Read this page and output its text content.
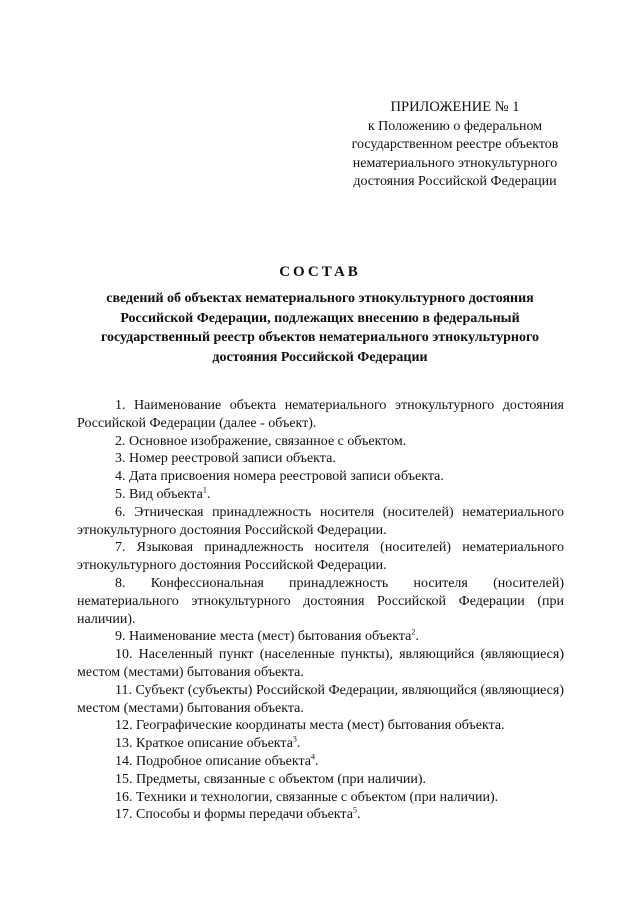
ПРИЛОЖЕНИЕ № 1
к Положению о федеральном
государственном реестре объектов
нематериального этнокультурного
достояния Российской Федерации
СОСТАВ
сведений об объектах нематериального этнокультурного достояния Российской Федерации, подлежащих внесению в федеральный государственный реестр объектов нематериального этнокультурного достояния Российской Федерации

1. Наименование объекта нематериального этнокультурного достояния Российской Федерации (далее - объект).

2. Основное изображение, связанное с объектом.

3. Номер реестровой записи объекта.

4. Дата присвоения номера реестровой записи объекта.

5. Вид объекта$^1$.

6. Этническая принадлежность носителя (носителей) нематериального этнокультурного достояния Российской Федерации.

7. Языковая принадлежность носителя (носителей) нематериального этнокультурного достояния Российской Федерации.

8. Конфессиональная принадлежность носителя (носителей) нематериального этнокультурного достояния Российской Федерации (при наличии).

9. Наименование места (мест) бытования объекта$^2$.

10. Населенный пункт (населенные пункты), являющийся (являющиеся) местом (местами) бытования объекта.

11. Субъект (субъекты) Российской Федерации, являющийся (являющиеся) местом (местами) бытования объекта.

12. Географические координаты места (мест) бытования объекта.

13. Краткое описание объекта$^3$.

14. Подробное описание объекта$^4$.

15. Предметы, связанные с объектом (при наличии).

16. Техники и технологии, связанные с объектом (при наличии).

17. Способы и формы передачи объекта$^5$.
